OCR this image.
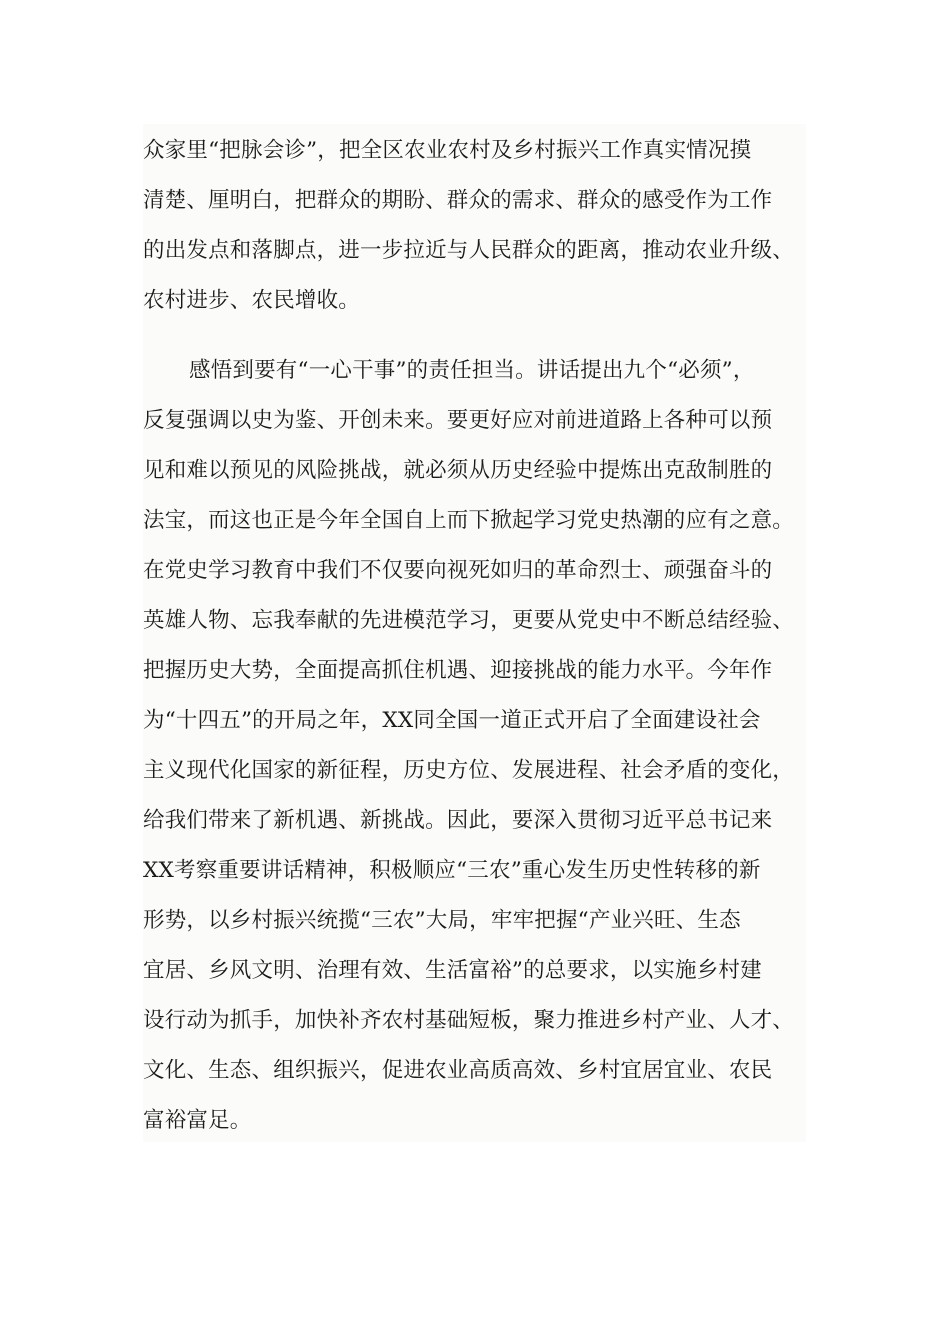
众家里“把脉会诊”，把全区农业农村及乡村振兴工作真实情况摸
清楚、厘明白，把群众的期盼、群众的需求、群众的感受作为工作
的出发点和落脚点，进一步拉近与人民群众的距离，推动农业升级、
农村进步、农民增收。
感悟到要有“一心干事”的责任担当。讲话提出九个“必须”，
反复强调以史为鉴、开创未来。要更好应对前进道路上各种可以预
见和难以预见的风险挑战，就必须从历史经验中提炼出克敌制胜的
法宝，而这也正是今年全国自上而下掀起学习党史热潮的应有之意。
在党史学习教育中我们不仅要向视死如归的革命烈士、顽强奋斗的
英雄人物、忘我奉献的先进模范学习，更要从党史中不断总结经验、
把握历史大势，全面提高抓住机遇、迎接挑战的能力水平。今年作
为“十四五”的开局之年，XX同全国一道正式开启了全面建设社会
主义现代化国家的新征程，历史方位、发展进程、社会矛盾的变化，
给我们带来了新机遇、新挑战。因此，要深入贯彻习近平总书记来
XX考察重要讲话精神，积极顺应“三农”重心发生历史性转移的新
形势，以乡村振兴统揽“三农”大局，牢牢把握“产业兴旺、生态
宜居、乡风文明、治理有效、生活富裕”的总要求，以实施乡村建
设行动为抓手，加快补齐农村基础短板，聚力推进乡村产业、人才、
文化、生态、组织振兴，促进农业高质高效、乡村宜居宜业、农民
富裕富足。
